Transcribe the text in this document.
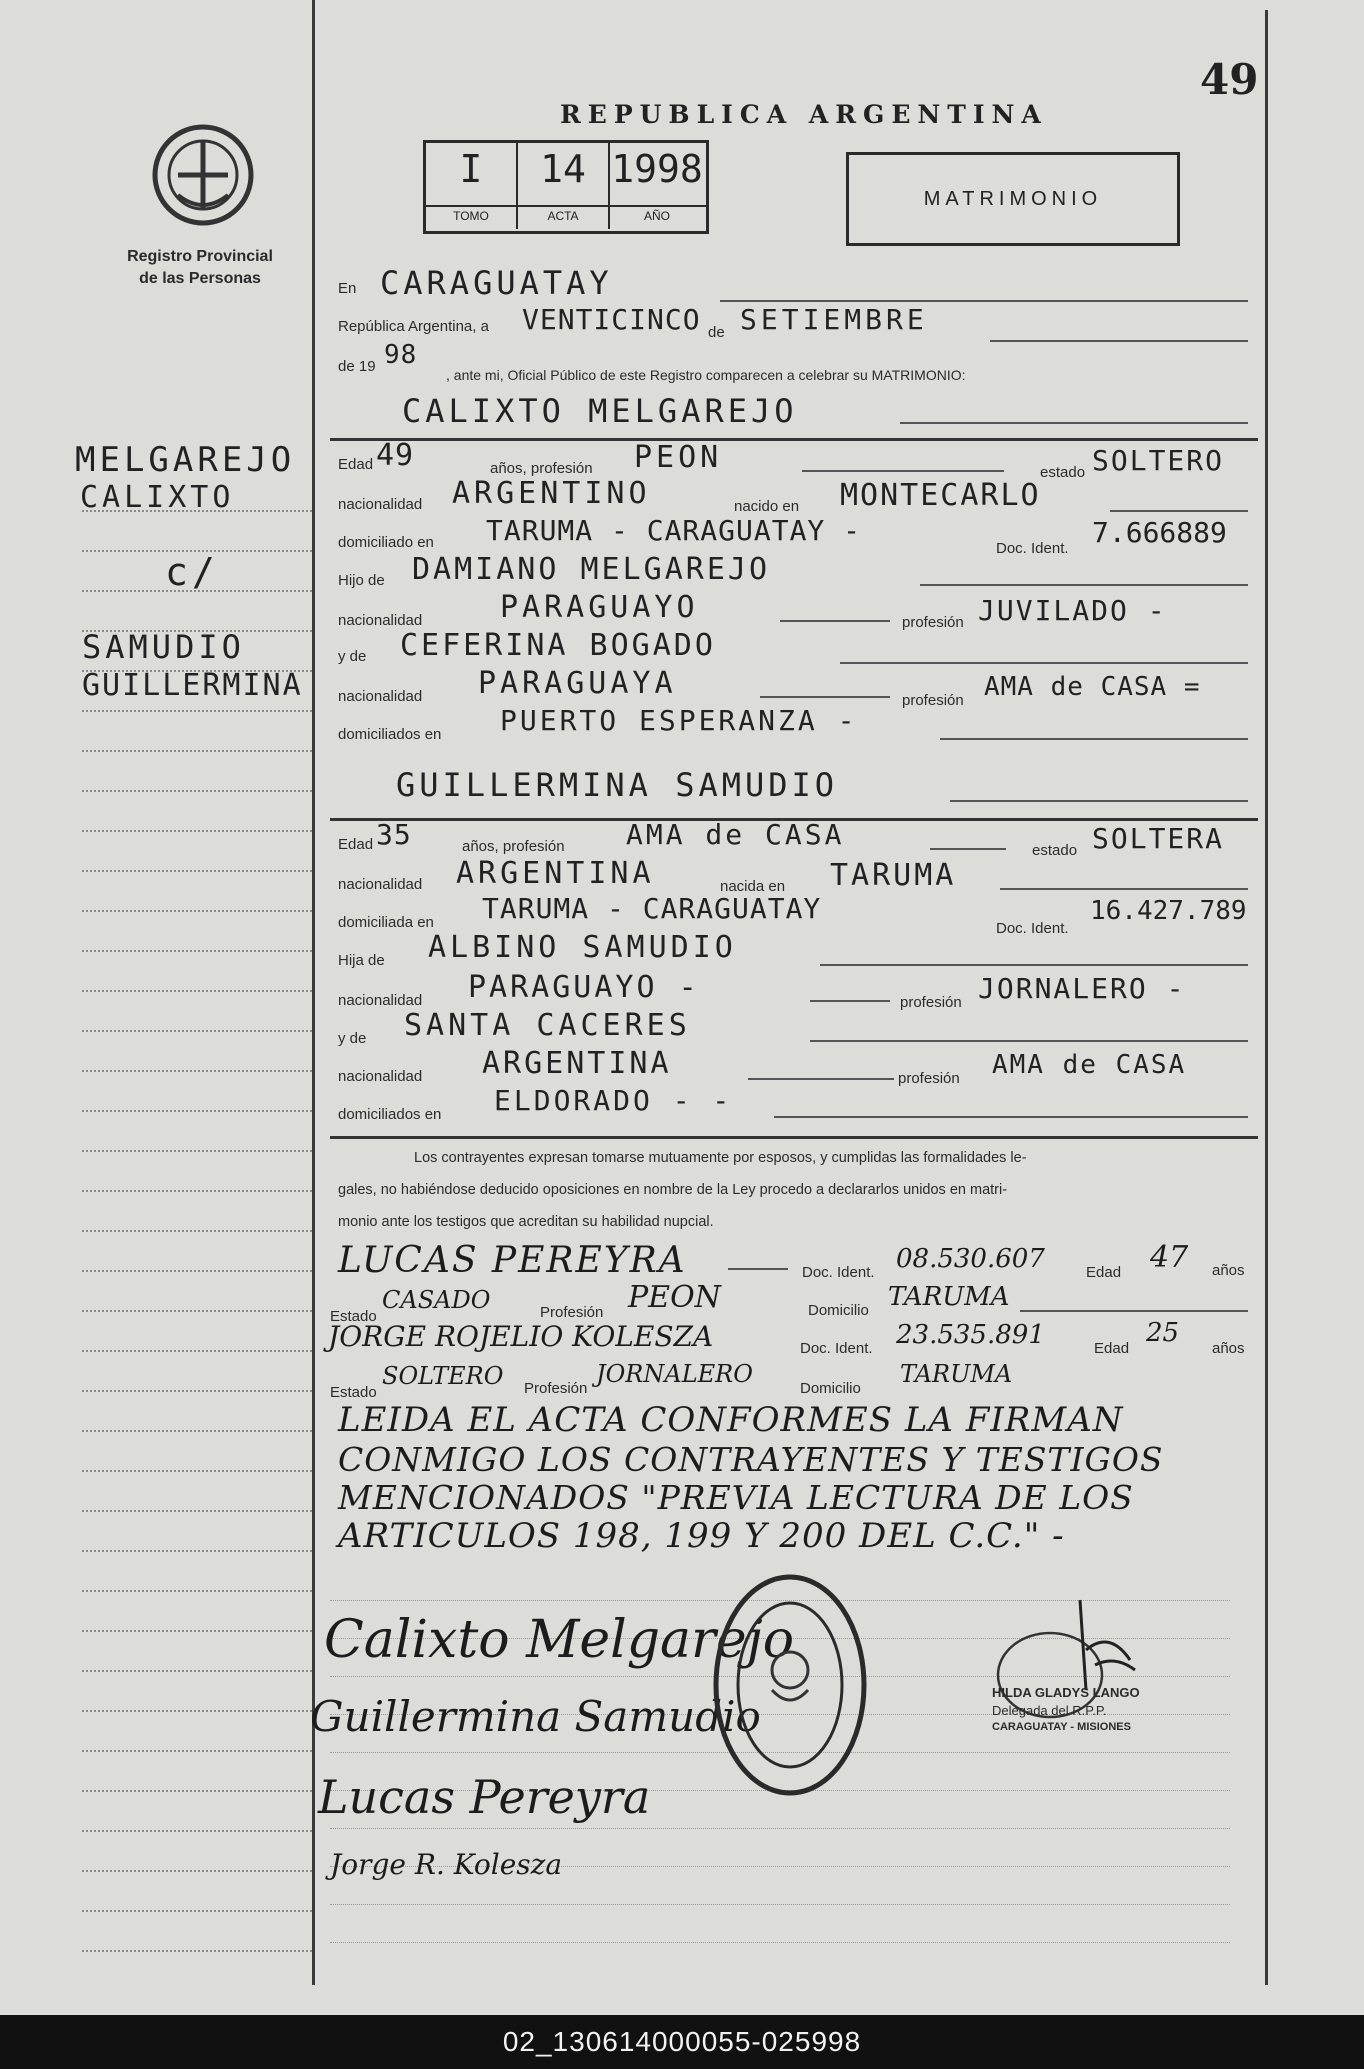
49
Registro Provincial
de las Personas
REPUBLICA ARGENTINA
I	14 1998
TOMO	ACTA	AÑO
MATRIMONIO
MELGAREJO
CALIXTO
c/
SAMUDIO
GUILLERMINA
En CARAGUATAY
República Argentina, a VENTICINCO de SETIEMBRE
de 19 98
, ante mi, Oficial Público de este Registro comparecen a celebrar su MATRIMONIO:
CALIXTO MELGAREJO
Edad 49	años, profesión PEON	estado SOLTERO
nacionalidad ARGENTINO	nacido en MONTECARLO
domiciliado en TARUMA - CARAGUATAY -
Doc. Ident. 7.666889
Hijo de DAMIANO MELGAREJO
nacionalidad	PARAGUAYO	profesión JUVILADO -
y de CEFERINA BOGADO
nacionalidad PARAGUAYA	profesión AMA de CASA =
domiciliados en PUERTO ESPERANZA -
GUILLERMINA SAMUDIO
Edad 35	años, profesión AMA de CASA	estado SOLTERA
nacionalidad ARGENTINA	nacida en TARUMA
domiciliada en TARUMA - CARAGUATAY
Doc. Ident.
16.427.789
Hija de ALBINO SAMUDIO
nacionalidad PARAGUAYO -	profesión JORNALERO -
y de SANTA CACERES
nacionalidad ARGENTINA	profesión AMA de CASA
domiciliados en ELDORADO - -
Los contrayentes expresan tomarse mutuamente por esposos, y cumplidas las formalidades le-
gales, no habiéndose deducido oposiciones en nombre de la Ley procedo a declararlos unidos en matri-
monio ante los testigos que acreditan su habilidad nupcial.
LUCAS PEREYRA	Doc. Ident. 08.530.607	Edad 47 años
Estado
CASADO	Profesión PEON	Domicilio TARUMA
JORGE ROJELIO KOLESZA	Doc. Ident. 23.535.891	Edad
25
años
Estado
SOLTERO Profesión
JORNALERO
Domicilio
TARUMA
LEIDA EL ACTA CONFORMES LA FIRMAN
CONMIGO LOS CONTRAYENTES Y TESTIGOS
MENCIONADOS "PREVIA LECTURA DE LOS
ARTICULOS 198, 199 Y 200 DEL C.C." -
Calixto Melgarejo
Guillermina Samudio
Lucas Pereyra
Jorge R. Kolesza
HILDA GLADYS LANGO
Delegada del R.P.P.
CARAGUATAY - MISIONES
02_130614000055-025998
